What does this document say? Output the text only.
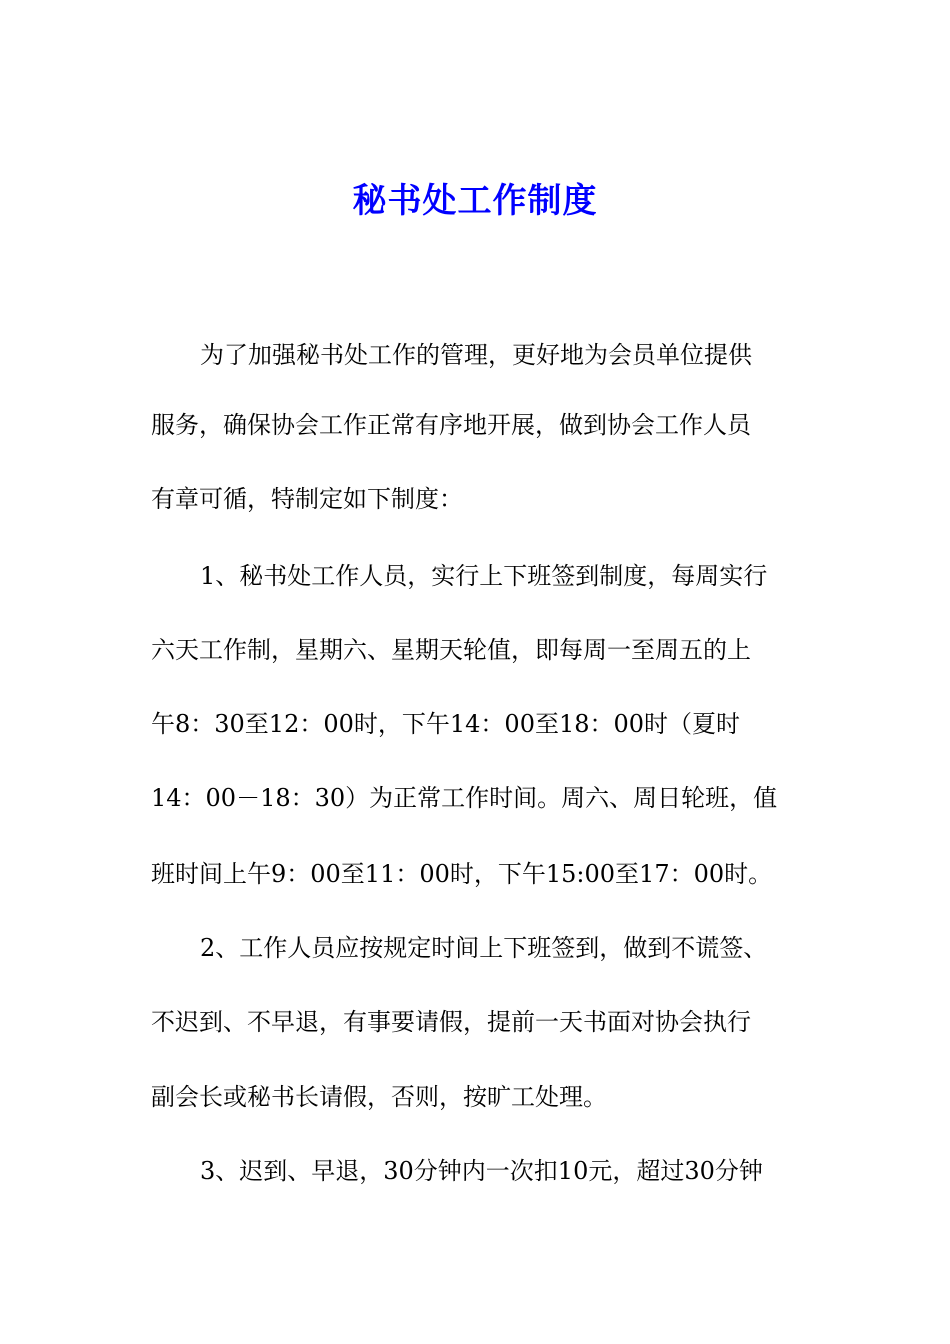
秘书处工作制度
为了加强秘书处工作的管理，更好地为会员单位提供
服务，确保协会工作正常有序地开展，做到协会工作人员
有章可循，特制定如下制度：
1、秘书处工作人员，实行上下班签到制度，每周实行
六天工作制，星期六、星期天轮值，即每周一至周五的上
午8：30至12：00时，下午14：00至18：00时（夏时
14：00－18：30）为正常工作时间。周六、周日轮班，值
班时间上午9：00至11：00时，下午15:00至17：00时。
2、工作人员应按规定时间上下班签到，做到不谎签、
不迟到、不早退，有事要请假，提前一天书面对协会执行
副会长或秘书长请假，否则，按旷工处理。
3、迟到、早退，30分钟内一次扣10元，超过30分钟
